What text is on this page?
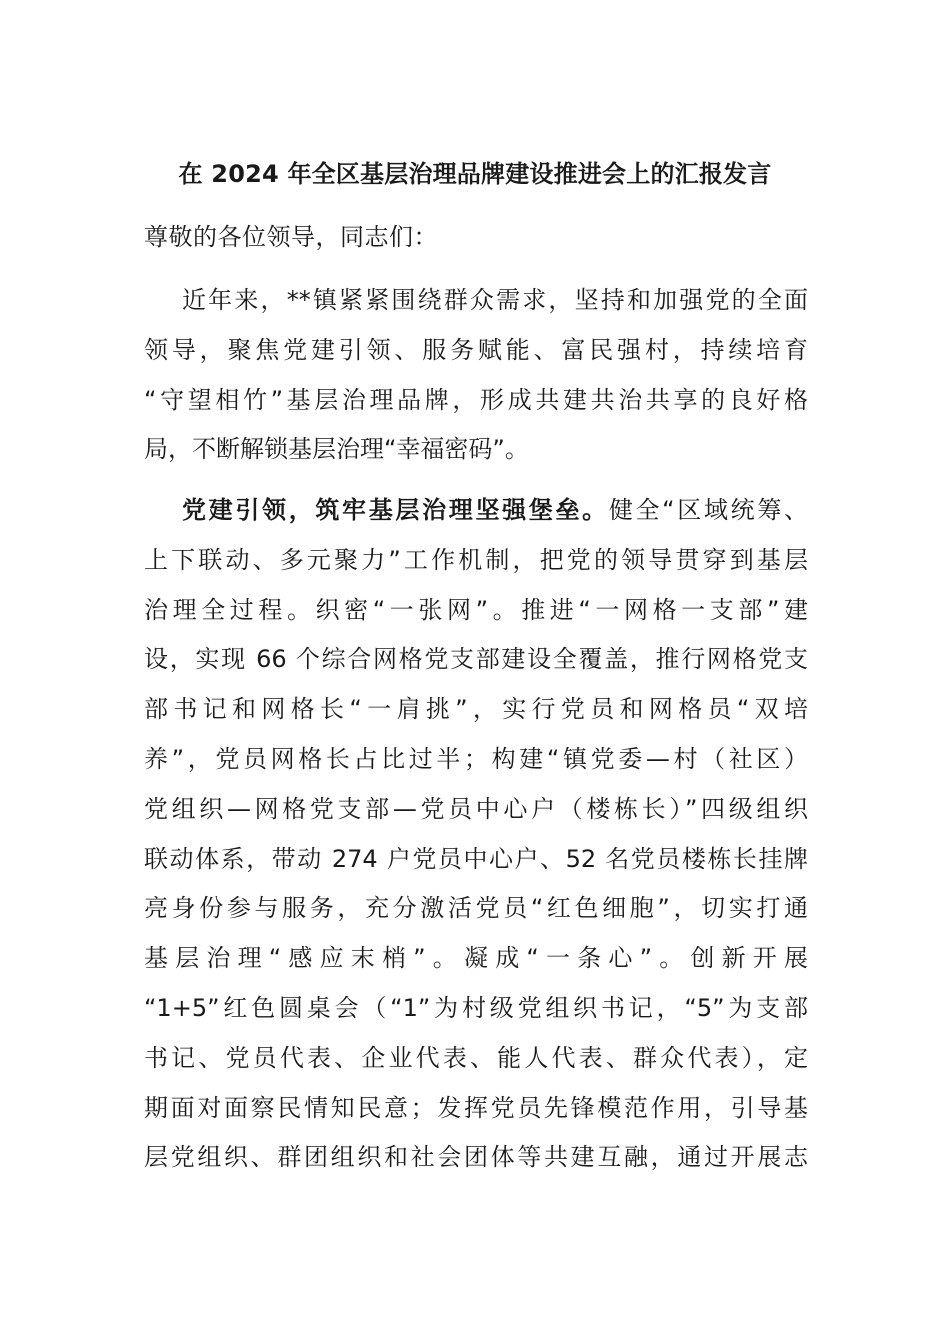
在 2024 年全区基层治理品牌建设推进会上的汇报发言
尊敬的各位领导，同志们：
近年来，**镇紧紧围绕群众需求，坚持和加强党的全面
领导，聚焦党建引领、服务赋能、富民强村，持续培育
“守望相竹”基层治理品牌，形成共建共治共享的良好格
局，不断解锁基层治理“幸福密码”。
党建引领，筑牢基层治理坚强堡垒。健全“区域统筹、
上下联动、多元聚力”工作机制，把党的领导贯穿到基层
治理全过程。织密“一张网”。推进“一网格一支部”建
设，实现 66 个综合网格党支部建设全覆盖，推行网格党支
部书记和网格长“一肩挑”，实行党员和网格员“双培
养”，党员网格长占比过半；构建“镇党委—村（社区）
党组织—网格党支部—党员中心户（楼栋长）”四级组织
联动体系，带动 274 户党员中心户、52 名党员楼栋长挂牌
亮身份参与服务，充分激活党员“红色细胞”，切实打通
基层治理“感应末梢”。凝成“一条心”。创新开展
“1+5”红色圆桌会（“1”为村级党组织书记，“5”为支部
书记、党员代表、企业代表、能人代表、群众代表），定
期面对面察民情知民意；发挥党员先锋模范作用，引导基
层党组织、群团组织和社会团体等共建互融，通过开展志
